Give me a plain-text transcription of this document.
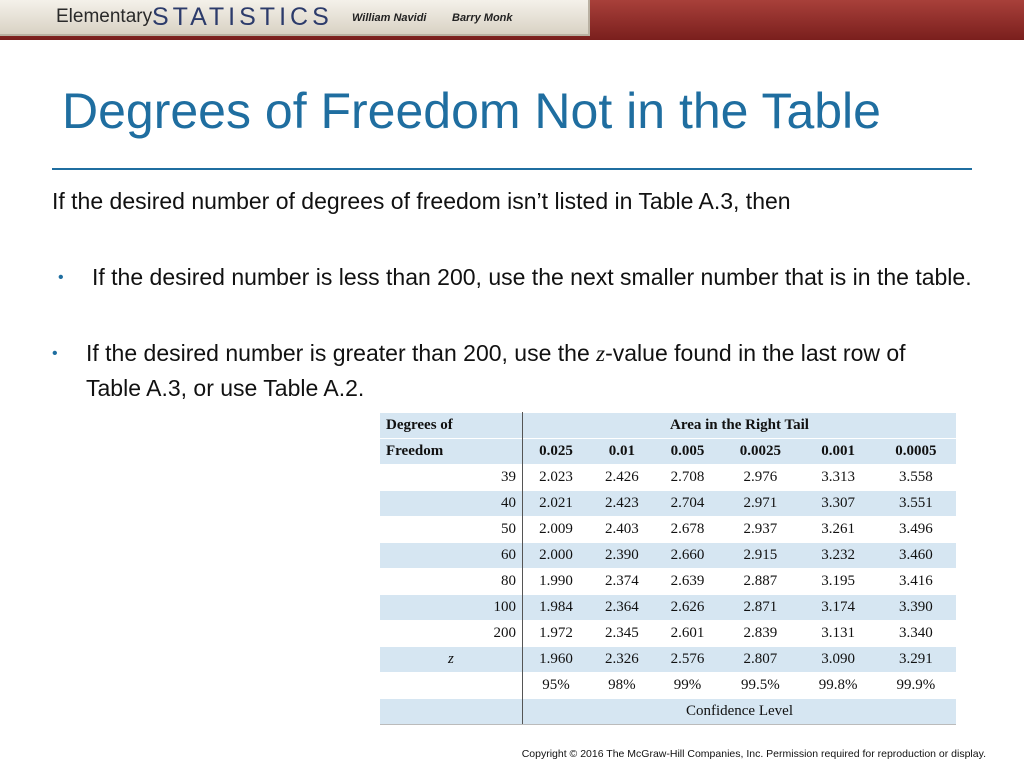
Elementary STATISTICS William Navidi Barry Monk
Degrees of Freedom Not in the Table
If the desired number of degrees of freedom isn’t listed in Table A.3, then
• If the desired number is less than 200, use the next smaller number that is in the table.
• If the desired number is greater than 200, use the z-value found in the last row of Table A.3, or use Table A.2.
Degrees of	Area in the Right Tail					
Freedom	0.025	0.01	0.005	0.0025	0.001	0.0005
39	2.023	2.426	2.708	2.976	3.313	3.558
40	2.021	2.423	2.704	2.971	3.307	3.551
50	2.009	2.403	2.678	2.937	3.261	3.496
60	2.000	2.390	2.660	2.915	3.232	3.460
80	1.990	2.374	2.639	2.887	3.195	3.416
100	1.984	2.364	2.626	2.871	3.174	3.390
200	1.972	2.345	2.601	2.839	3.131	3.340
z	1.960	2.326	2.576	2.807	3.090	3.291
	95%	98%	99%	99.5%	99.8%	99.9%
	Confidence Level					
Copyright © 2016 The McGraw-Hill Companies, Inc. Permission required for reproduction or display.
